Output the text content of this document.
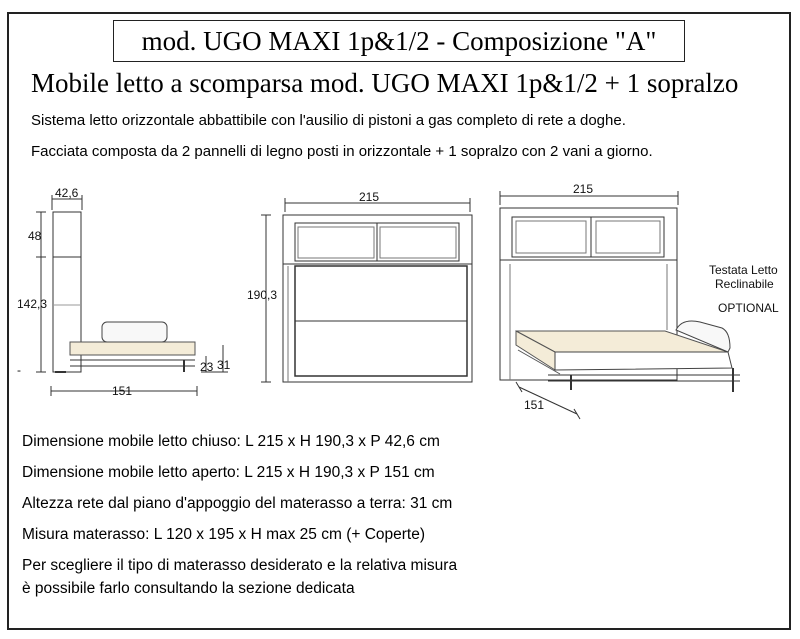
mod. UGO MAXI 1p&1/2 - Composizione "A"
Mobile letto a scomparsa mod. UGO MAXI 1p&1/2 + 1 sopralzo
Sistema letto orizzontale abbattibile con l'ausilio di pistoni a gas completo di rete a doghe.
Facciata composta da 2 pannelli di legno posti in orizzontale + 1 sopralzo con 2 vani a giorno.
42,6
48
142,3
151
23 31
-
215
190,3
215
151
Testata Letto
Reclinabile
OPTIONAL
Dimensione mobile letto chiuso: L 215 x H 190,3 x P 42,6 cm
Dimensione mobile letto aperto: L 215 x H 190,3 x P 151 cm
Altezza rete dal piano d'appoggio del materasso a terra: 31 cm
Misura materasso: L 120 x 195 x H max 25 cm (+ Coperte)
Per scegliere il tipo di materasso desiderato e la relativa misura
è possibile farlo consultando la sezione dedicata
